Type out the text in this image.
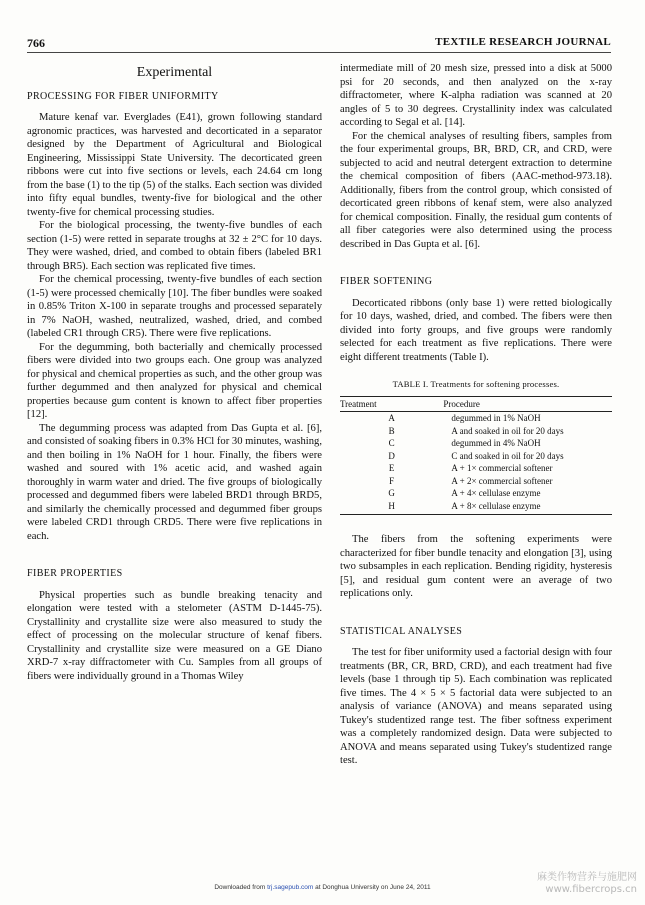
766	TEXTILE RESEARCH JOURNAL
Experimental
PROCESSING FOR FIBER UNIFORMITY

Mature kenaf var. Everglades (E41), grown following standard agronomic practices, was harvested and decorticated in a separator designed by the Department of Agricultural and Biological Engineering, Mississippi State University. The decorticated green ribbons were cut into five sections or levels, each 24.64 cm long from the base (1) to the tip (5) of the stalks. Each section was divided into fifty equal bundles, twenty-five for biological and the other twenty-five for chemical processing studies.

For the biological processing, the twenty-five bundles of each section (1-5) were retted in separate troughs at 32 ± 2°C for 10 days. They were washed, dried, and combed to obtain fibers (labeled BR1 through BR5). Each section was replicated five times.

For the chemical processing, twenty-five bundles of each section (1-5) were processed chemically [10]. The fiber bundles were soaked in 0.85% Triton X-100 in separate troughs and processed separately in 7% NaOH, washed, neutralized, washed, dried, and combed (labeled CR1 through CR5). There were five replications.

For the degumming, both bacterially and chemically processed fibers were divided into two groups each. One group was analyzed for physical and chemical properties as such, and the other group was further degummed and then analyzed for physical and chemical properties because gum content is known to affect fiber properties [12].

The degumming process was adapted from Das Gupta et al. [6], and consisted of soaking fibers in 0.3% HCl for 30 minutes, washing, and then boiling in 1% NaOH for 1 hour. Finally, the fibers were washed and soured with 1% acetic acid, and washed again thoroughly in warm water and dried. The five groups of biologically processed and degummed fibers were labeled BRD1 through BRD5, and similarly the chemically processed and degummed fiber groups were labeled CRD1 through CRD5. There were five replications in each.

FIBER PROPERTIES

Physical properties such as bundle breaking tenacity and elongation were tested with a stelometer (ASTM D-1445-75). Crystallinity and crystallite size were also measured to study the effect of processing on the molecular structure of kenaf fibers. Crystallinity and crystallite size were measured on a GE Diano XRD-7 x-ray diffractometer with Cu. Samples from all groups of fibers were individually ground in a Thomas Wiley

intermediate mill of 20 mesh size, pressed into a disk at 5000 psi for 20 seconds, and then analyzed on the x-ray diffractometer, where K-alpha radiation was scanned at 20 angles of 5 to 30 degrees. Crystallinity index was calculated according to Segal et al. [14].

For the chemical analyses of resulting fibers, samples from the four experimental groups, BR, BRD, CR, and CRD, were subjected to acid and neutral detergent extraction to determine the chemical composition of fibers (AAC-method-973.18). Additionally, fibers from the control group, which consisted of decorticated green ribbons of kenaf stem, were also analyzed for chemical composition. Finally, the residual gum contents of all fiber categories were also determined using the process described in Das Gupta et al. [6].

FIBER SOFTENING

Decorticated ribbons (only base 1) were retted biologically for 10 days, washed, dried, and combed. The fibers were then divided into forty groups, and five groups were randomly selected for each treatment as five replications. There were eight different treatments (Table I).

TABLE I. Treatments for softening processes.
Treatment	Procedure
A	degummed in 1% NaOH
B	A and soaked in oil for 20 days
C	degummed in 4% NaOH
D	C and soaked in oil for 20 days
E	A + 1× commercial softener
F	A + 2× commercial softener
G	A + 4× cellulase enzyme
H	A + 8× cellulase enzyme

The fibers from the softening experiments were characterized for fiber bundle tenacity and elongation [3], using two subsamples in each replication. Bending rigidity, hysteresis [5], and residual gum content were an average of two replications only.

STATISTICAL ANALYSES

The test for fiber uniformity used a factorial design with four treatments (BR, CR, BRD, CRD), and each treatment had five levels (base 1 through tip 5). Each combination was replicated five times. The 4 × 5 × 5 factorial data were subjected to an analysis of variance (ANOVA) and means separated using Tukey's studentized range test. The fiber softness experiment was a completely randomized design. Data were subjected to ANOVA and means separated using Tukey's studentized range test.

Downloaded from trj.sagepub.com at Donghua University on June 24, 2011
麻类作物营养与施肥网
www.fibercrops.cn
